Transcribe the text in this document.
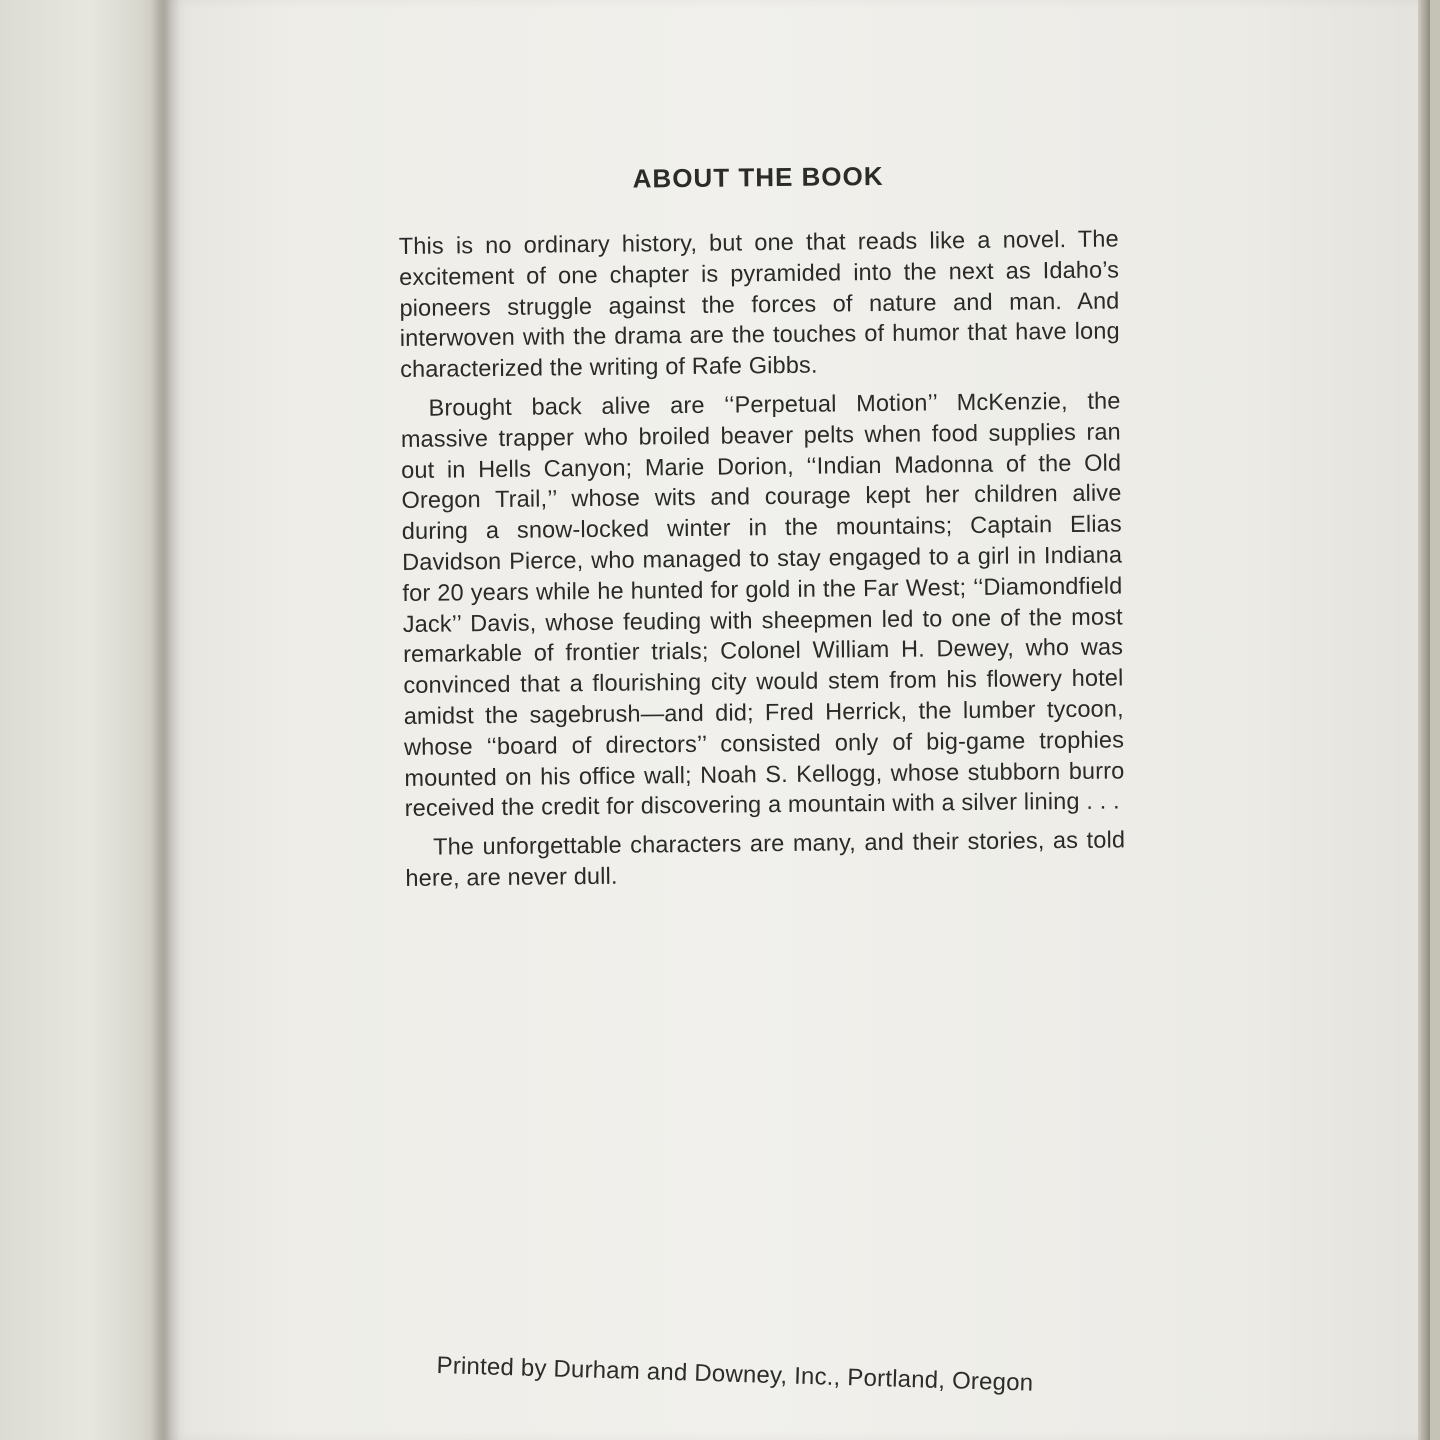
ABOUT THE BOOK

This is no ordinary history, but one that reads like a novel. The excitement of one chapter is pyramided into the next as Idaho’s pioneers struggle against the forces of nature and man. And interwoven with the drama are the touches of humor that have long characterized the writing of Rafe Gibbs.

Brought back alive are ‘‘Perpetual Motion’’ McKenzie, the massive trapper who broiled beaver pelts when food supplies ran out in Hells Canyon; Marie Dorion, ‘‘Indian Madonna of the Old Oregon Trail,’’ whose wits and courage kept her children alive during a snow-locked winter in the mountains; Captain Elias Davidson Pierce, who managed to stay engaged to a girl in Indiana for 20 years while he hunted for gold in the Far West; ‘‘Diamondfield Jack’’ Davis, whose feuding with sheepmen led to one of the most remarkable of frontier trials; Colonel William H. Dewey, who was convinced that a flourishing city would stem from his flowery hotel amidst the sagebrush—and did; Fred Herrick, the lumber tycoon, whose ‘‘board of directors’’ consisted only of big-game trophies mounted on his office wall; Noah S. Kellogg, whose stubborn burro received the credit for discovering a mountain with a silver lining . . .

The unforgettable characters are many, and their stories, as told here, are never dull.

Printed by Durham and Downey, Inc., Portland, Oregon
